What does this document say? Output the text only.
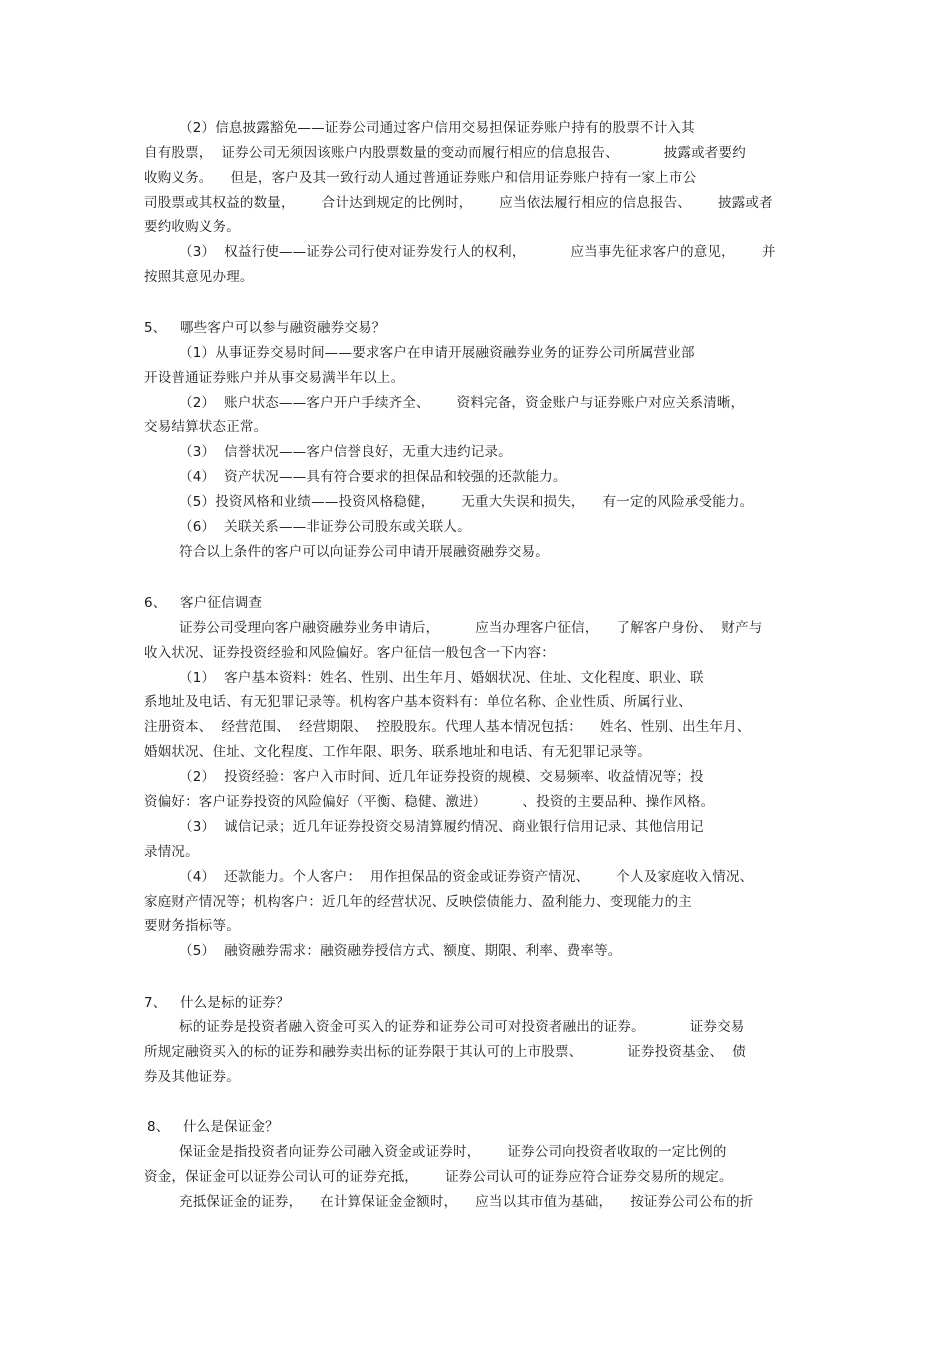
（2）信息披露豁免——证券公司通过客户信用交易担保证券账户持有的股票不计入其

自有股票，  证券公司无须因该账户内股票数量的变动而履行相应的信息报告、          披露或者要约

收购义务。    但是，客户及其一致行动人通过普通证券账户和信用证券账户持有一家上市公

司股票或其权益的数量，      合计达到规定的比例时，      应当依法履行相应的信息报告、      披露或者

要约收购义务。

（3）  权益行使——证券公司行使对证券发行人的权利，          应当事先征求客户的意见，      并

按照其意见办理。

5、   哪些客户可以参与融资融券交易？

（1）从事证券交易时间——要求客户在申请开展融资融券业务的证券公司所属营业部

开设普通证券账户并从事交易满半年以上。

（2）  账户状态——客户开户手续齐全、      资料完备，资金账户与证券账户对应关系清晰，

交易结算状态正常。

（3）  信誉状况——客户信誉良好，无重大违约记录。

（4）  资产状况——具有符合要求的担保品和较强的还款能力。

（5）投资风格和业绩——投资风格稳健，      无重大失误和损失，    有一定的风险承受能力。

（6）  关联关系——非证券公司股东或关联人。

符合以上条件的客户可以向证券公司申请开展融资融券交易。

6、   客户征信调查

证券公司受理向客户融资融券业务申请后，        应当办理客户征信，    了解客户身份、  财产与

收入状况、证券投资经验和风险偏好。客户征信一般包含一下内容：

（1）  客户基本资料：姓名、性别、出生年月、婚姻状况、住址、文化程度、职业、联

系地址及电话、有无犯罪记录等。机构客户基本资料有：单位名称、企业性质、所属行业、

注册资本、  经营范围、  经营期限、  控股股东。代理人基本情况包括：    姓名、性别、出生年月、

婚姻状况、住址、文化程度、工作年限、职务、联系地址和电话、有无犯罪记录等。

（2）  投资经验：客户入市时间、近几年证券投资的规模、交易频率、收益情况等；投

资偏好：客户证券投资的风险偏好（平衡、稳健、激进）        、投资的主要品种、操作风格。

（3）  诚信记录；近几年证券投资交易清算履约情况、商业银行信用记录、其他信用记

录情况。

（4）  还款能力。个人客户：  用作担保品的资金或证券资产情况、      个人及家庭收入情况、

家庭财产情况等；机构客户：近几年的经营状况、反映偿债能力、盈利能力、变现能力的主

要财务指标等。

（5）  融资融券需求：融资融券授信方式、额度、期限、利率、费率等。

7、   什么是标的证券？

标的证券是投资者融入资金可买入的证券和证券公司可对投资者融出的证券。          证券交易

所规定融资买入的标的证券和融券卖出标的证券限于其认可的上市股票、          证券投资基金、  债

券及其他证券。

8、   什么是保证金？

保证金是指投资者向证券公司融入资金或证券时，      证券公司向投资者收取的一定比例的

资金，保证金可以证券公司认可的证券充抵，      证券公司认可的证券应符合证券交易所的规定。

充抵保证金的证券，    在计算保证金金额时，    应当以其市值为基础，    按证券公司公布的折
